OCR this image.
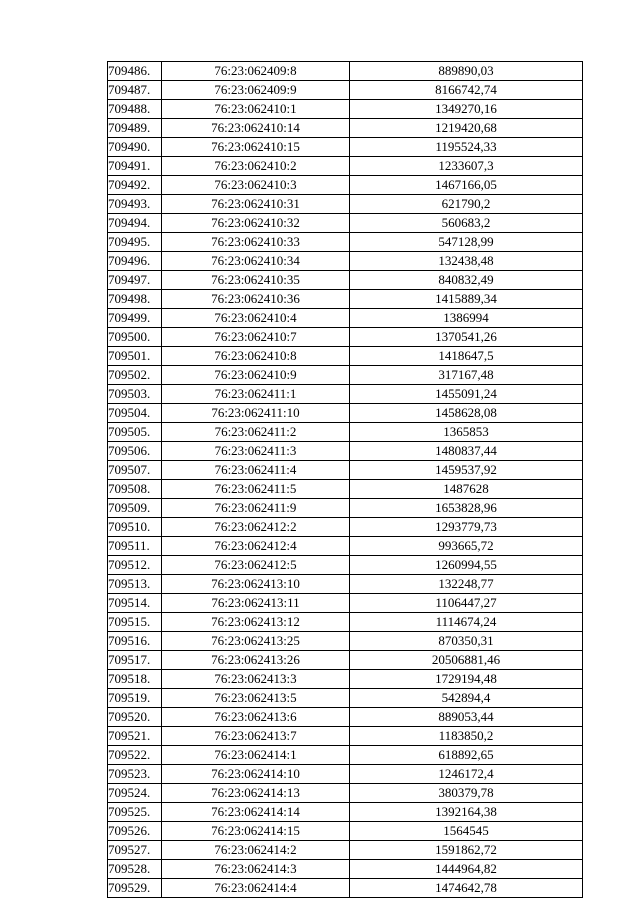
709486.	76:23:062409:8	889890,03
709487.	76:23:062409:9	8166742,74
709488.	76:23:062410:1	1349270,16
709489.	76:23:062410:14	1219420,68
709490.	76:23:062410:15	1195524,33
709491.	76:23:062410:2	1233607,3
709492.	76:23:062410:3	1467166,05
709493.	76:23:062410:31	621790,2
709494.	76:23:062410:32	560683,2
709495.	76:23:062410:33	547128,99
709496.	76:23:062410:34	132438,48
709497.	76:23:062410:35	840832,49
709498.	76:23:062410:36	1415889,34
709499.	76:23:062410:4	1386994
709500.	76:23:062410:7	1370541,26
709501.	76:23:062410:8	1418647,5
709502.	76:23:062410:9	317167,48
709503.	76:23:062411:1	1455091,24
709504.	76:23:062411:10	1458628,08
709505.	76:23:062411:2	1365853
709506.	76:23:062411:3	1480837,44
709507.	76:23:062411:4	1459537,92
709508.	76:23:062411:5	1487628
709509.	76:23:062411:9	1653828,96
709510.	76:23:062412:2	1293779,73
709511.	76:23:062412:4	993665,72
709512.	76:23:062412:5	1260994,55
709513.	76:23:062413:10	132248,77
709514.	76:23:062413:11	1106447,27
709515.	76:23:062413:12	1114674,24
709516.	76:23:062413:25	870350,31
709517.	76:23:062413:26	20506881,46
709518.	76:23:062413:3	1729194,48
709519.	76:23:062413:5	542894,4
709520.	76:23:062413:6	889053,44
709521.	76:23:062413:7	1183850,2
709522.	76:23:062414:1	618892,65
709523.	76:23:062414:10	1246172,4
709524.	76:23:062414:13	380379,78
709525.	76:23:062414:14	1392164,38
709526.	76:23:062414:15	1564545
709527.	76:23:062414:2	1591862,72
709528.	76:23:062414:3	1444964,82
709529.	76:23:062414:4	1474642,78
